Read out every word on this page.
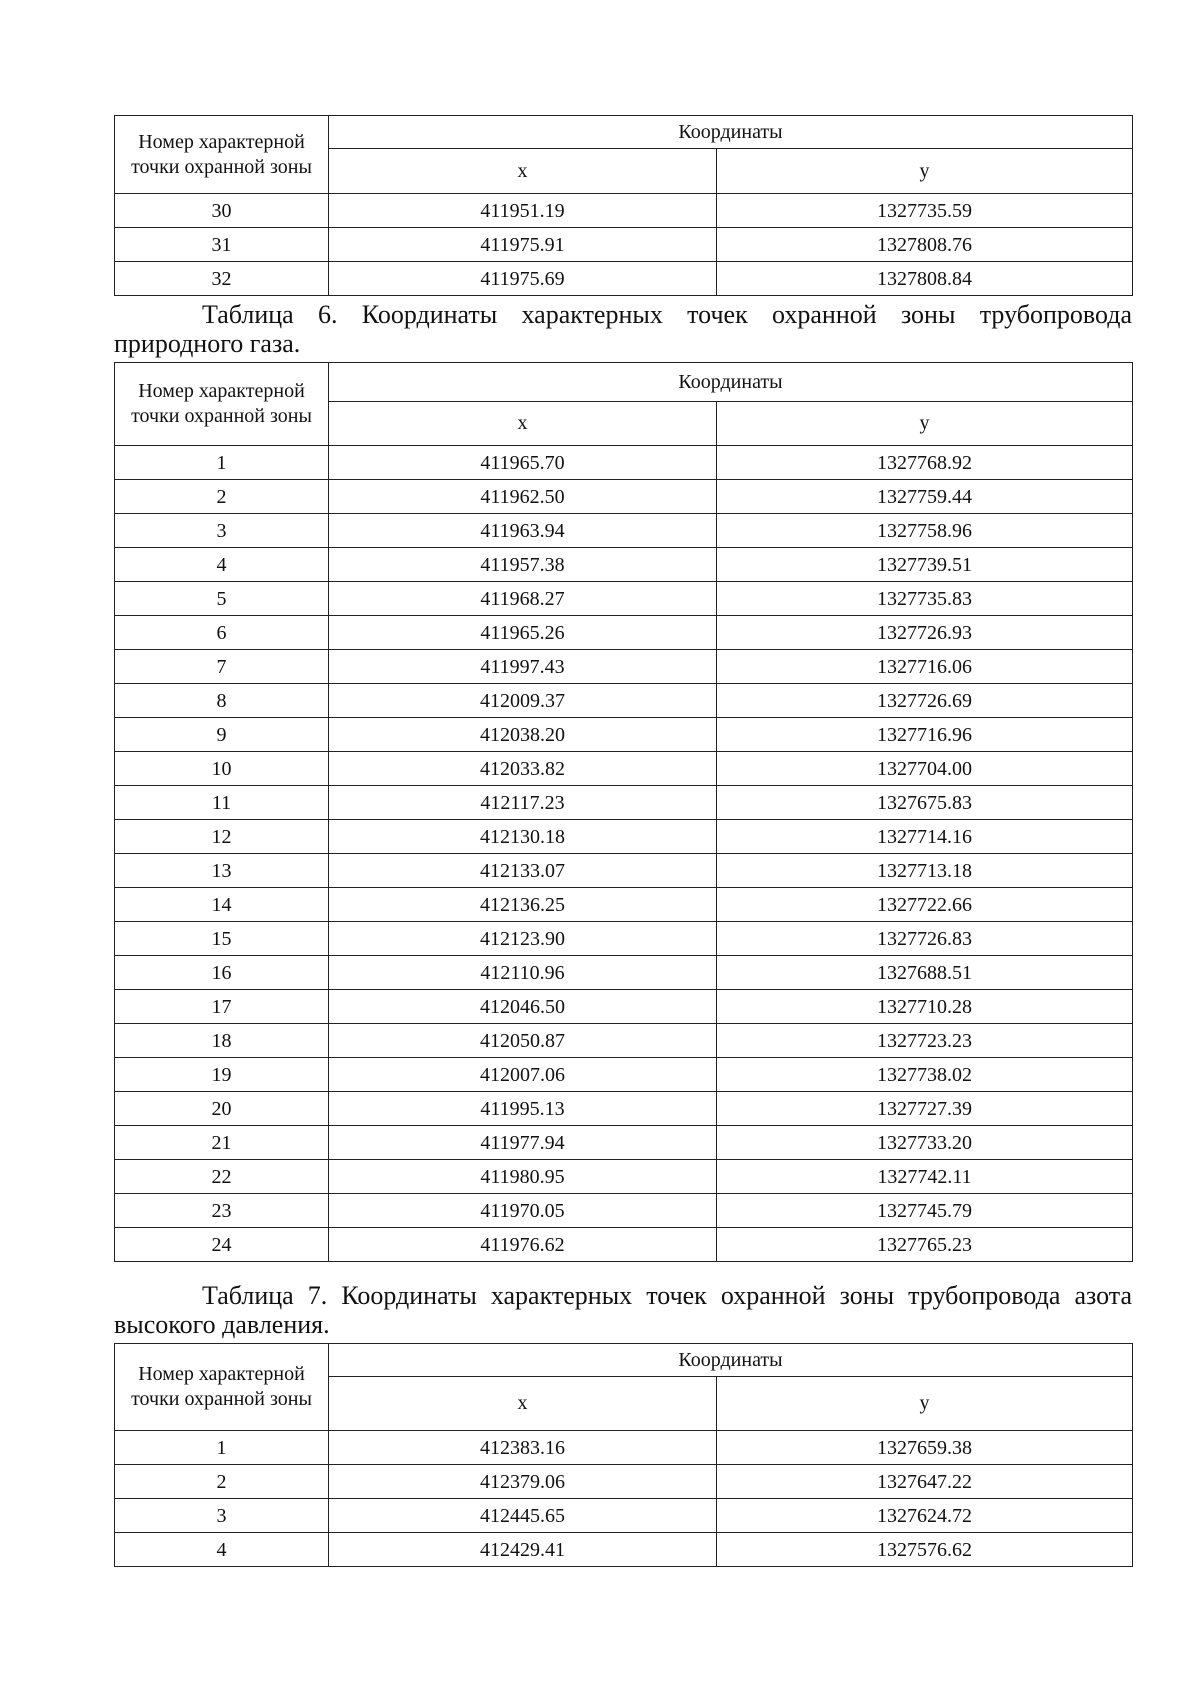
Номер характерной точки охранной зоны	Координаты	
	x	y
30	411951.19	1327735.59
31	411975.91	1327808.76
32	411975.69	1327808.84
Таблица 6. Координаты характерных точек охранной зоны трубопровода природного газа.
Номер характерной точки охранной зоны	Координаты	
	x	y
1	411965.70	1327768.92
2	411962.50	1327759.44
3	411963.94	1327758.96
4	411957.38	1327739.51
5	411968.27	1327735.83
6	411965.26	1327726.93
7	411997.43	1327716.06
8	412009.37	1327726.69
9	412038.20	1327716.96
10	412033.82	1327704.00
11	412117.23	1327675.83
12	412130.18	1327714.16
13	412133.07	1327713.18
14	412136.25	1327722.66
15	412123.90	1327726.83
16	412110.96	1327688.51
17	412046.50	1327710.28
18	412050.87	1327723.23
19	412007.06	1327738.02
20	411995.13	1327727.39
21	411977.94	1327733.20
22	411980.95	1327742.11
23	411970.05	1327745.79
24	411976.62	1327765.23
Таблица 7. Координаты характерных точек охранной зоны трубопровода азота высокого давления.
Номер характерной точки охранной зоны	Координаты	
	x	y
1	412383.16	1327659.38
2	412379.06	1327647.22
3	412445.65	1327624.72
4	412429.41	1327576.62
